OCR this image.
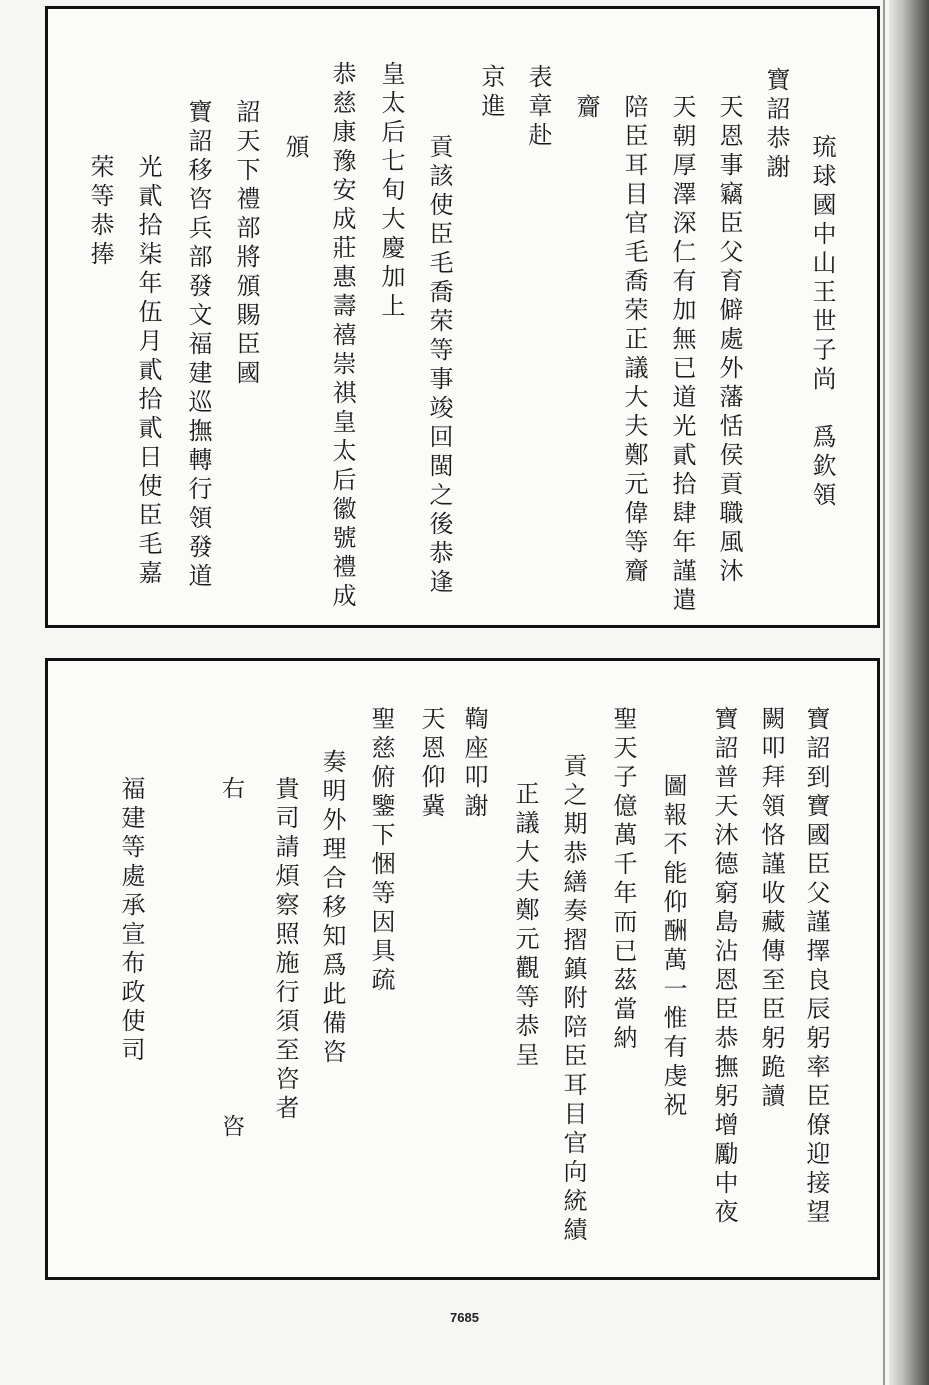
琉球國中山王世子尚　爲欽領
寶詔恭謝
天恩事竊臣父育僻處外藩恬侯貢職風沐
天朝厚澤深仁有加無已道光貳拾肆年謹遣
陪臣耳目官毛喬荣正議大夫鄭元偉等齎
齎
表章赴
京進
貢該使臣毛喬荣等事竣回閩之後恭逢
皇太后七旬大慶加上
恭慈康豫安成莊惠壽禧崇祺皇太后徽號禮成
頒
詔天下禮部將頒賜臣國
寶詔移咨兵部發文福建巡撫轉行領發道
光貳拾柒年伍月貳拾貳日使臣毛嘉
荣等恭捧
寶詔到寶國臣父謹擇良辰躬率臣僚迎接望
闕叩拜領恪謹收藏傳至臣躬跪讀
寶詔普天沐德窮島沾恩臣恭撫躬增勵中夜
圖報不能仰酬萬一惟有虔祝
聖天子億萬千年而已茲當納
貢之期恭繕奏摺鎮附陪臣耳目官向統績
正議大夫鄭元觀等恭呈
鞫座叩謝
天恩仰冀
聖慈俯鑒下悃等因具疏
奏明外理合移知爲此備咨
貴司請煩察照施行須至咨者
右　　　　　　　　　　　　咨
福建等處承宣布政使司
7685
